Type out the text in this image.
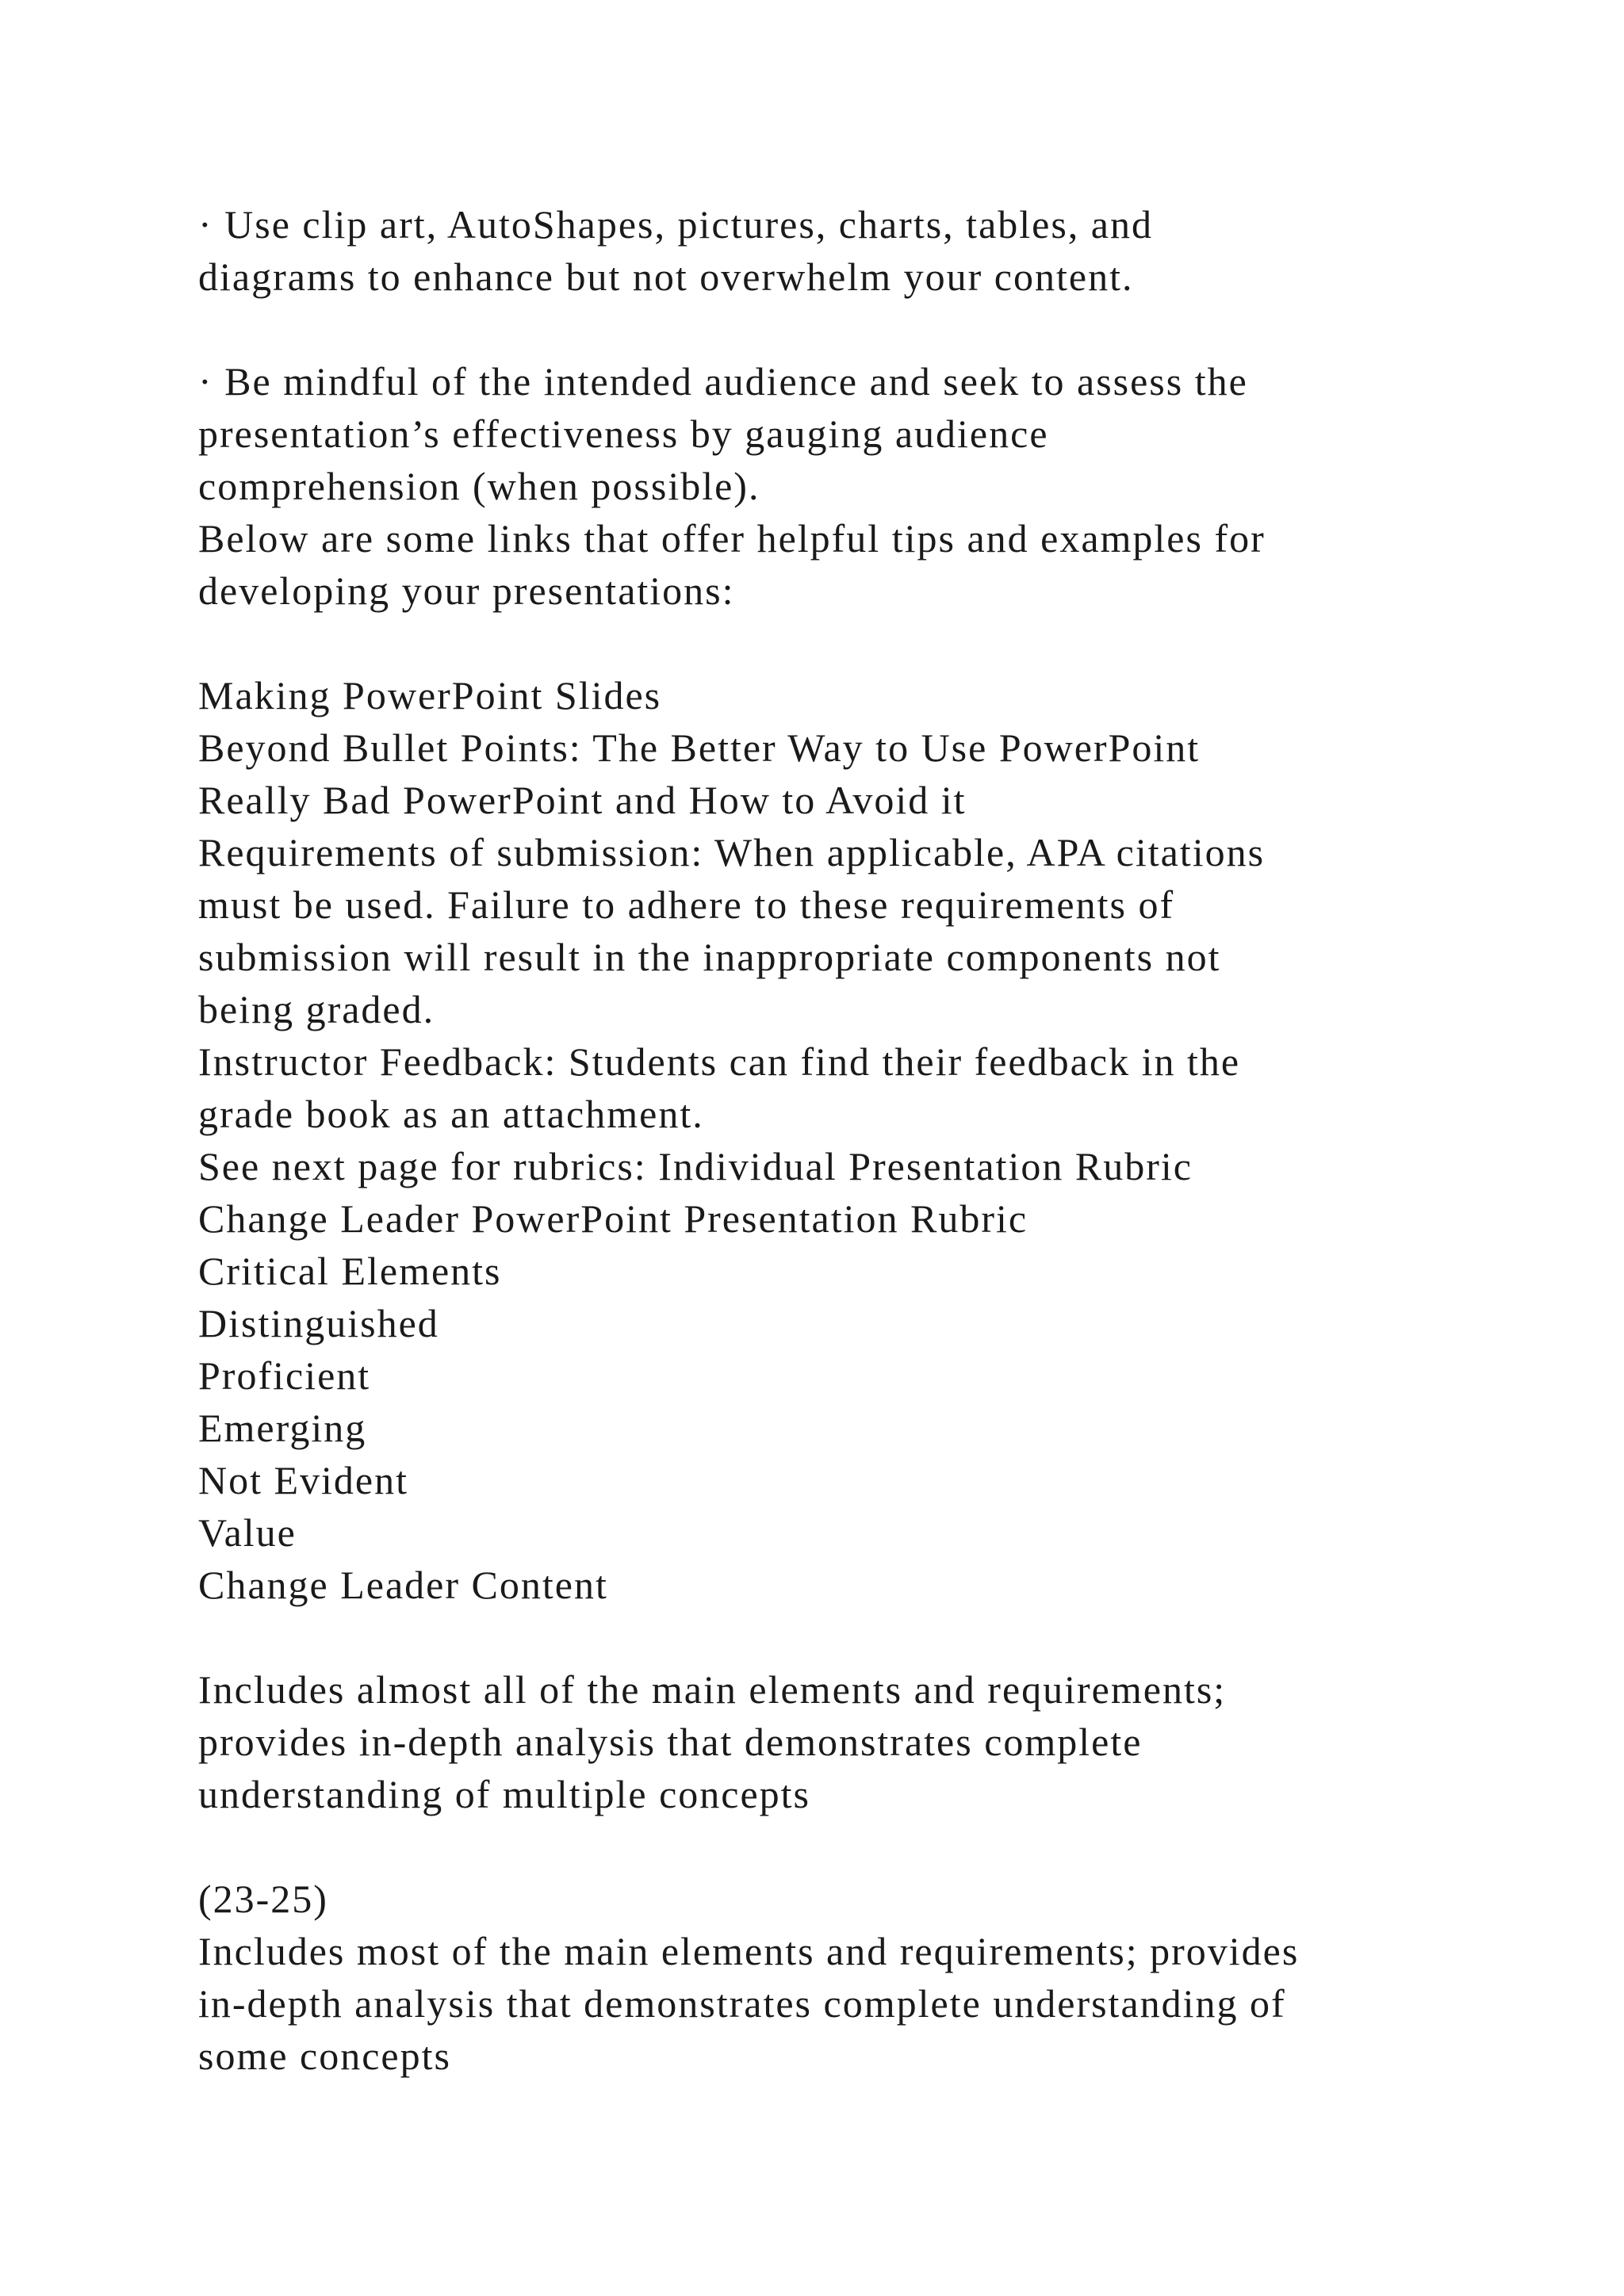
· Use clip art, AutoShapes, pictures, charts, tables, and
diagrams to enhance but not overwhelm your content.
· Be mindful of the intended audience and seek to assess the
presentation’s effectiveness by gauging audience
comprehension (when possible).
Below are some links that offer helpful tips and examples for
developing your presentations:
Making PowerPoint Slides
Beyond Bullet Points: The Better Way to Use PowerPoint
Really Bad PowerPoint and How to Avoid it
Requirements of submission: When applicable, APA citations
must be used. Failure to adhere to these requirements of
submission will result in the inappropriate components not
being graded.
Instructor Feedback: Students can find their feedback in the
grade book as an attachment.
See next page for rubrics: Individual Presentation Rubric
Change Leader PowerPoint Presentation Rubric
Critical Elements
Distinguished
Proficient
Emerging
Not Evident
Value
Change Leader Content
Includes almost all of the main elements and requirements;
provides in-depth analysis that demonstrates complete
understanding of multiple concepts
(23-25)
Includes most of the main elements and requirements; provides
in-depth analysis that demonstrates complete understanding of
some concepts
